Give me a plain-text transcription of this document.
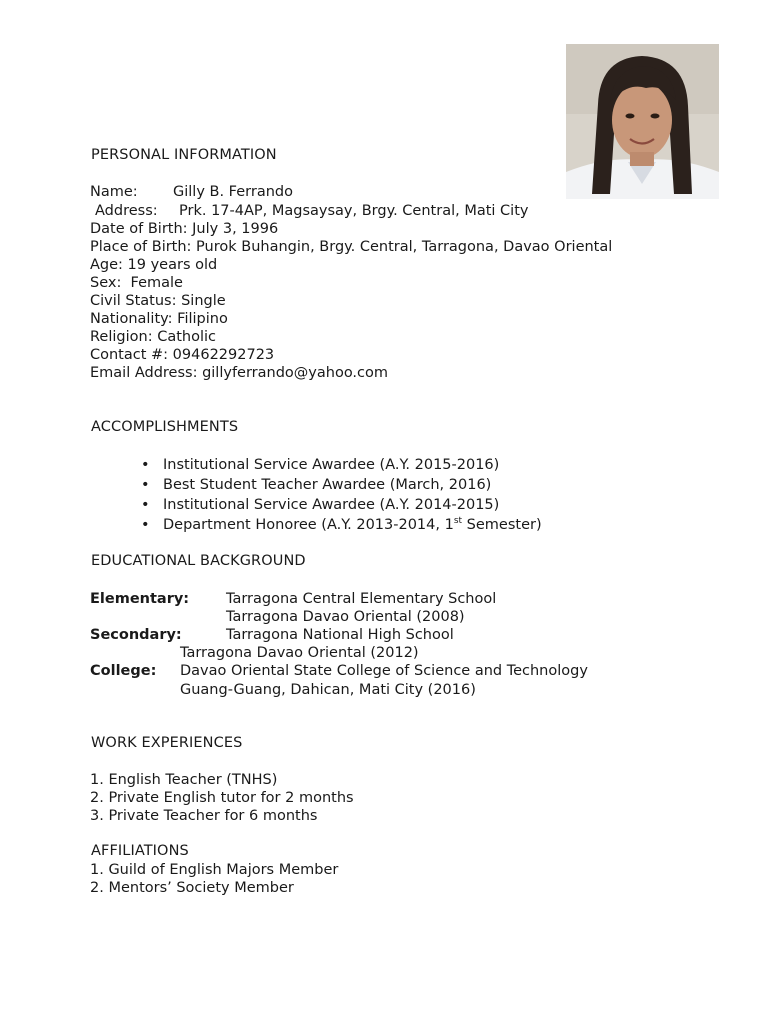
PERSONAL INFORMATION

Name: Gilly B. Ferrando

Address: Prk. 17-4AP, Magsaysay, Brgy. Central, Mati City

Date of Birth: July 3, 1996

Place of Birth: Purok Buhangin, Brgy. Central, Tarragona, Davao Oriental

Age: 19 years old

Sex:  Female

Civil Status: Single

Nationality: Filipino

Religion: Catholic

Contact #: 09462292723

Email Address: gillyferrando@yahoo.com

ACCOMPLISHMENTS
• Institutional Service Awardee (A.Y. 2015-2016)
• Best Student Teacher Awardee (March, 2016)
• Institutional Service Awardee (A.Y. 2014-2015)
• Department Honoree (A.Y. 2013-2014, 1st Semester)
EDUCATIONAL BACKGROUND
Elementary:	Tarragona Central Elementary School
Tarragona Davao Oriental (2008)
Secondary:	Tarragona National High School
Tarragona Davao Oriental (2012)
College: Davao Oriental State College of Science and Technology
Guang-Guang, Dahican, Mati City (2016)
WORK EXPERIENCES

1. English Teacher (TNHS)

2. Private English tutor for 2 months

3. Private Teacher for 6 months

AFFILIATIONS

1. Guild of English Majors Member

2. Mentors’ Society Member
